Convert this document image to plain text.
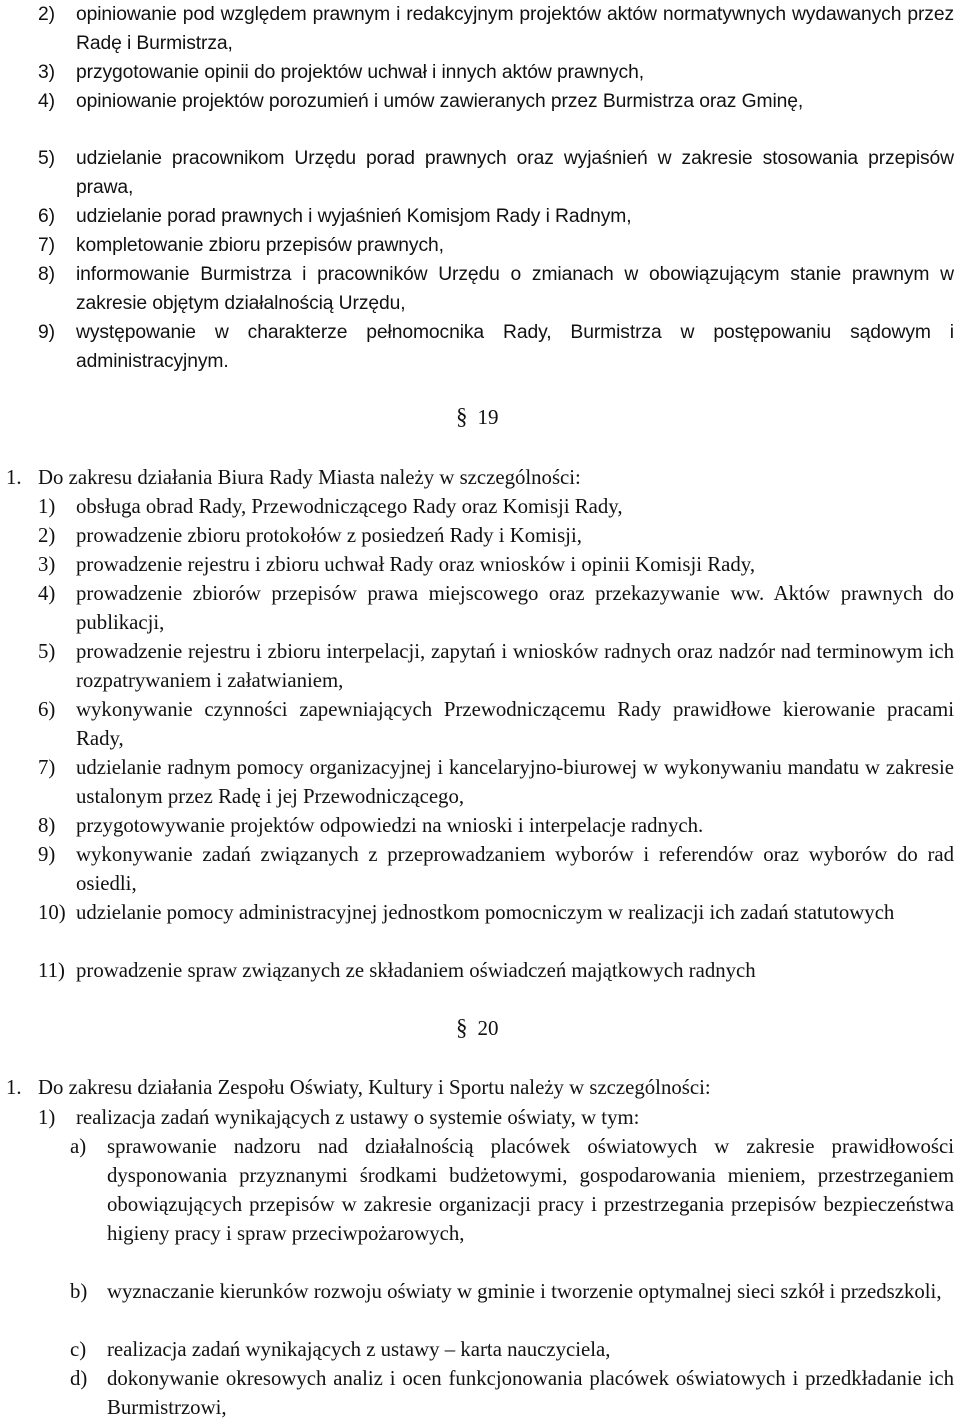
2) opiniowanie pod względem prawnym i redakcyjnym projektów aktów normatywnych wydawanych przez Radę i Burmistrza,
3) przygotowanie opinii do projektów uchwał i innych aktów prawnych,
4) opiniowanie projektów porozumień i umów zawieranych przez Burmistrza oraz Gminę,
5) udzielanie pracownikom Urzędu porad prawnych oraz wyjaśnień w zakresie stosowania przepisów prawa,
6) udzielanie porad prawnych i wyjaśnień Komisjom Rady i Radnym,
7) kompletowanie zbioru przepisów prawnych,
8) informowanie Burmistrza i pracowników Urzędu o zmianach w obowiązującym stanie prawnym w zakresie objętym działalnością Urzędu,
9) występowanie w charakterze pełnomocnika Rady, Burmistrza w postępowaniu sądowym i administracyjnym.
§ 19
1. Do zakresu działania Biura Rady Miasta należy w szczególności:
1) obsługa obrad Rady, Przewodniczącego Rady oraz Komisji Rady,
2) prowadzenie zbioru protokołów z posiedzeń Rady i Komisji,
3) prowadzenie rejestru i zbioru uchwał Rady oraz wniosków i opinii Komisji Rady,
4) prowadzenie zbiorów przepisów prawa miejscowego oraz przekazywanie ww. Aktów prawnych do publikacji,
5) prowadzenie rejestru i zbioru interpelacji, zapytań i wniosków radnych oraz nadzór nad terminowym ich rozpatrywaniem i załatwianiem,
6) wykonywanie czynności zapewniających Przewodniczącemu Rady prawidłowe kierowanie pracami Rady,
7) udzielanie radnym pomocy organizacyjnej i kancelaryjno-biurowej w wykonywaniu mandatu w zakresie ustalonym przez Radę i jej Przewodniczącego,
8) przygotowywanie projektów odpowiedzi na wnioski i interpelacje radnych.
9) wykonywanie zadań związanych z przeprowadzaniem wyborów i referendów oraz wyborów do rad osiedli,
10) udzielanie pomocy administracyjnej jednostkom pomocniczym w realizacji ich zadań statutowych
11) prowadzenie spraw związanych ze składaniem oświadczeń majątkowych radnych
§ 20
1. Do zakresu działania Zespołu Oświaty, Kultury i Sportu należy w szczególności:
1) realizacja zadań wynikających z ustawy o systemie oświaty, w tym:
a) sprawowanie nadzoru nad działalnością placówek oświatowych w zakresie prawidłowości dysponowania przyznanymi środkami budżetowymi, gospodarowania mieniem, przestrzeganiem obowiązujących przepisów w zakresie organizacji pracy i przestrzegania przepisów bezpieczeństwa higieny pracy i spraw przeciwpożarowych,
b) wyznaczanie kierunków rozwoju oświaty w gminie i tworzenie optymalnej sieci szkół i przedszkoli,
c) realizacja zadań wynikających z ustawy – karta nauczyciela,
d) dokonywanie okresowych analiz i ocen funkcjonowania placówek oświatowych i przedkładanie ich Burmistrzowi,
